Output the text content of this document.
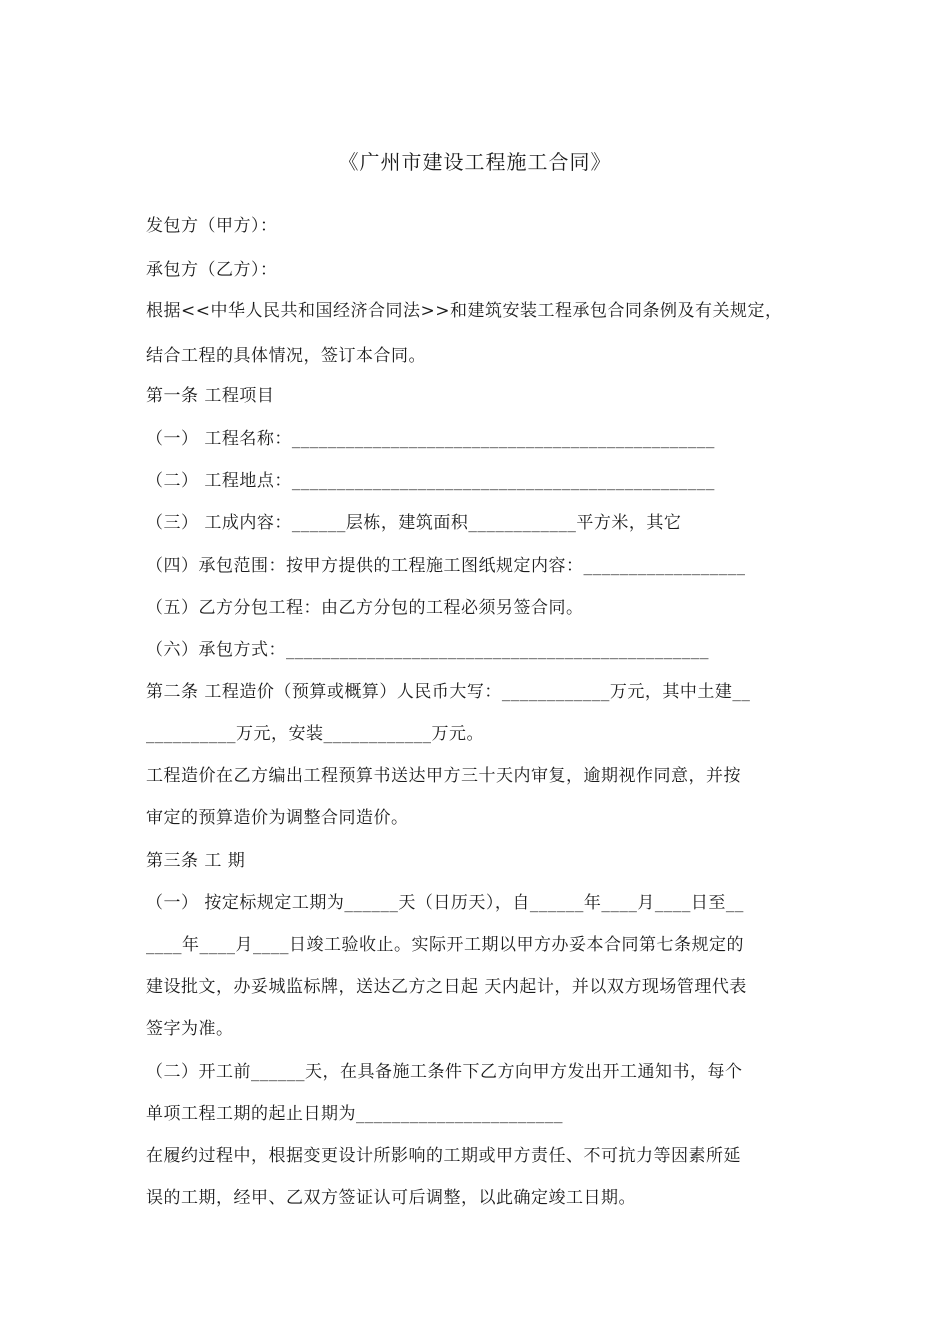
《广州市建设工程施工合同》
发包方（甲方）：
承包方（乙方）：
根据<<中华人民共和国经济合同法>>和建筑安装工程承包合同条例及有关规定，
结合工程的具体情况，签订本合同。
第一条 工程项目
（一） 工程名称：_______________________________________________
（二） 工程地点：_______________________________________________
（三） 工成内容：______层栋，建筑面积____________平方米，其它
（四）承包范围：按甲方提供的工程施工图纸规定内容：__________________
（五）乙方分包工程：由乙方分包的工程必须另签合同。
（六）承包方式：_______________________________________________
第二条 工程造价（预算或概算）人民币大写：____________万元，其中土建__
__________万元，安装____________万元。
工程造价在乙方编出工程预算书送达甲方三十天内审复，逾期视作同意，并按
审定的预算造价为调整合同造价。
第三条 工 期
（一） 按定标规定工期为______天（日历天），自______年____月____日至__
____年____月____日竣工验收止。实际开工期以甲方办妥本合同第七条规定的
建设批文，办妥城监标牌，送达乙方之日起 天内起计，并以双方现场管理代表
签字为准。
（二）开工前______天，在具备施工条件下乙方向甲方发出开工通知书，每个
单项工程工期的起止日期为_______________________
在履约过程中，根据变更设计所影响的工期或甲方责任、不可抗力等因素所延
误的工期，经甲、乙双方签证认可后调整，以此确定竣工日期。
